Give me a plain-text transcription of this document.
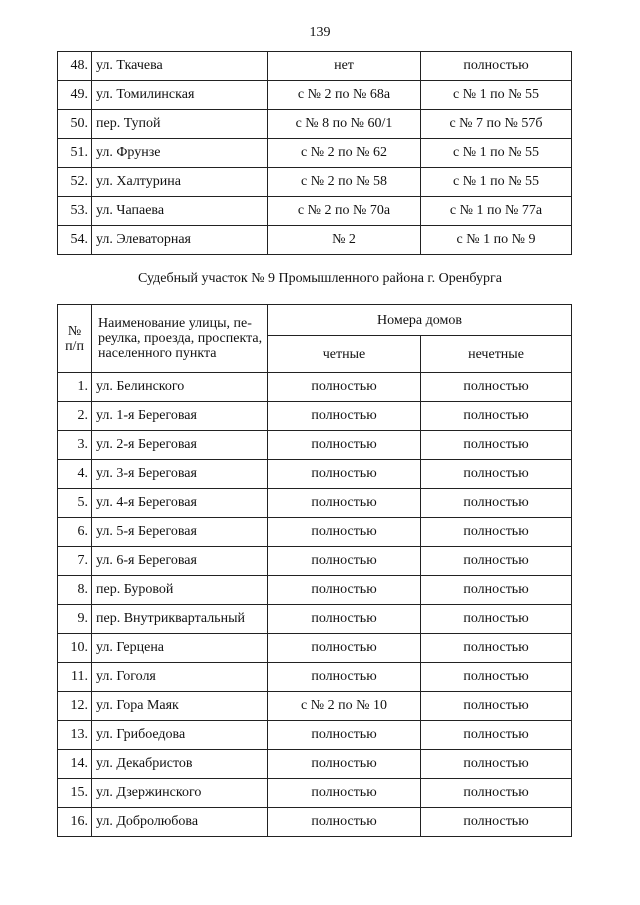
139
48.	ул. Ткачева	нет	полностью
49.	ул. Томилинская	с № 2 по № 68а	с № 1 по № 55
50.	пер. Тупой	с № 8 по № 60/1	с № 7 по № 57б
51.	ул. Фрунзе	с № 2 по № 62	с № 1 по № 55
52.	ул. Халтурина	с № 2 по № 58	с № 1 по № 55
53.	ул. Чапаева	с № 2 по № 70а	с № 1 по № 77а
54.	ул. Элеваторная	№ 2	с № 1 по № 9
Судебный участок № 9 Промышленного района г. Оренбурга
№ п/п	Наименование улицы, переулка, проезда, проспекта, населенного пункта	Номера домов	
		четные	нечетные
1.	ул. Белинского	полностью	полностью
2.	ул. 1-я Береговая	полностью	полностью
3.	ул. 2-я Береговая	полностью	полностью
4.	ул. 3-я Береговая	полностью	полностью
5.	ул. 4-я Береговая	полностью	полностью
6.	ул. 5-я Береговая	полностью	полностью
7.	ул. 6-я Береговая	полностью	полностью
8.	пер. Буровой	полностью	полностью
9.	пер. Внутриквартальный	полностью	полностью
10.	ул. Герцена	полностью	полностью
11.	ул. Гоголя	полностью	полностью
12.	ул. Гора Маяк	с № 2 по № 10	полностью
13.	ул. Грибоедова	полностью	полностью
14.	ул. Декабристов	полностью	полностью
15.	ул. Дзержинского	полностью	полностью
16.	ул. Добролюбова	полностью	полностью
